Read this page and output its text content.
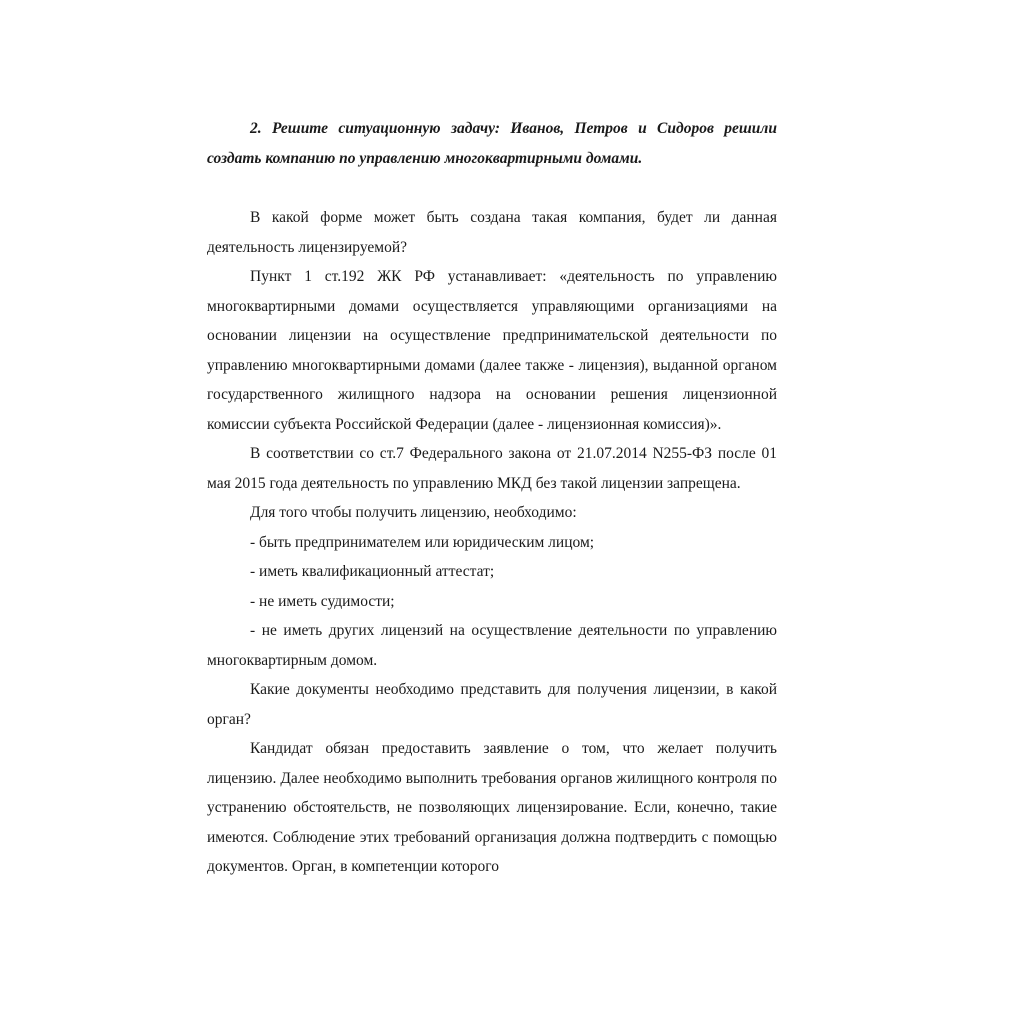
2. Решите ситуационную задачу: Иванов, Петров и Сидоров решили создать компанию по управлению многоквартирными домами.

В какой форме может быть создана такая компания, будет ли данная деятельность лицензируемой?

Пункт 1 ст.192 ЖК РФ устанавливает: «деятельность по управлению многоквартирными домами осуществляется управляющими организациями на основании лицензии на осуществление предпринимательской деятельности по управлению многоквартирными домами (далее также - лицензия), выданной органом государственного жилищного надзора на основании решения лицензионной комиссии субъекта Российской Федерации (далее - лицензионная комиссия)».

В соответствии со ст.7 Федерального закона от 21.07.2014 N255-ФЗ после 01 мая 2015 года деятельность по управлению МКД без такой лицензии запрещена.

Для того чтобы получить лицензию, необходимо:

- быть предпринимателем или юридическим лицом;

- иметь квалификационный аттестат;

- не иметь судимости;

- не иметь других лицензий на осуществление деятельности по управлению многоквартирным домом.

Какие документы необходимо представить для получения лицензии, в какой орган?

Кандидат обязан предоставить заявление о том, что желает получить лицензию. Далее необходимо выполнить требования органов жилищного контроля по устранению обстоятельств, не позволяющих лицензирование. Если, конечно, такие имеются. Соблюдение этих требований организация должна подтвердить с помощью документов. Орган, в компетенции которого
